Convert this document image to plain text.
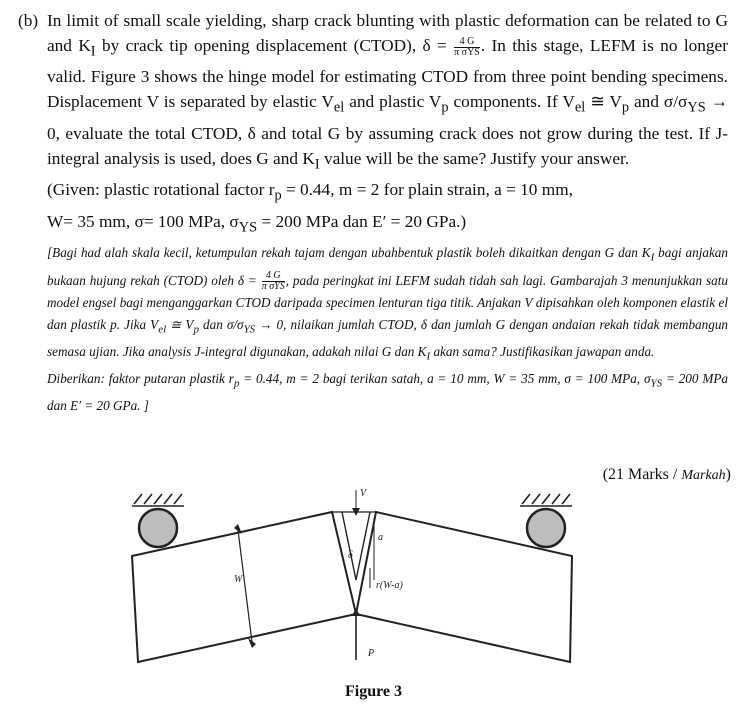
(b) In limit of small scale yielding, sharp crack blunting with plastic deformation can be related to G and $K_I$ by crack tip opening displacement (CTOD), $\delta = \frac{4 G}{\text{π σYS}}$ . In this stage, LEFM is no longer valid. Figure 3 shows the hinge model for estimating CTOD from three point bending specimens. Displacement V is separated by elastic $V_{el}$ and plastic $V_p$ components. If $V_{el}$ ≅ $V_p$ and $\sigma/\sigma_{YS} \to 0$, evaluate the total CTOD, δ and total G by assuming crack does not grow during the test. If J-integral analysis is used, does G and $K_I$ value will be the same? Justify your answer.

(Given: plastic rotational factor $r_p = 0.44$, m = 2 for plain strain, a = 10 mm,

W= 35 mm, σ= 100 MPa, $\sigma_{YS} = 200$ MPa dan E′ = 20 GPa.)

[Bagi had alah skala kecil, ketumpulan rekah tajam dengan ubahbentuk plastik boleh dikaitkan dengan G dan $K_I$ bagi anjakan bukaan hujung rekah (CTOD) oleh $\delta = \frac{4 G}{\text{π σYS}}$ , pada peringkat ini LEFM sudah tidah sah lagi. Gambarajah 3 menunjukkan satu model engsel bagi menganggarkan CTOD daripada specimen lenturan tiga titik. Anjakan V dipisahkan oleh komponen elastik el dan plastik p. Jika $V_{el}$ ≅ $V_p$ dan $\sigma/\sigma_{YS} \to 0$, nilaikan jumlah CTOD, δ dan jumlah G dengan andaian rekah tidak membangun semasa ujian. Jika analysis J-integral digunakan, adakah nilai G dan $K_I$ akan sama? Justifikasikan jawapan anda.
Diberikan: faktor putaran plastik $r_p = 0.44$, m = 2 bagi terikan satah, a = 10 mm, W = 35 mm, σ = 100 MPa, $\sigma_{YS} = 200$ MPa dan E′ = 20 GPa. ]

(21 Marks / Markah)
V
W
δ
a
r(W-a)
P
Figure 3
